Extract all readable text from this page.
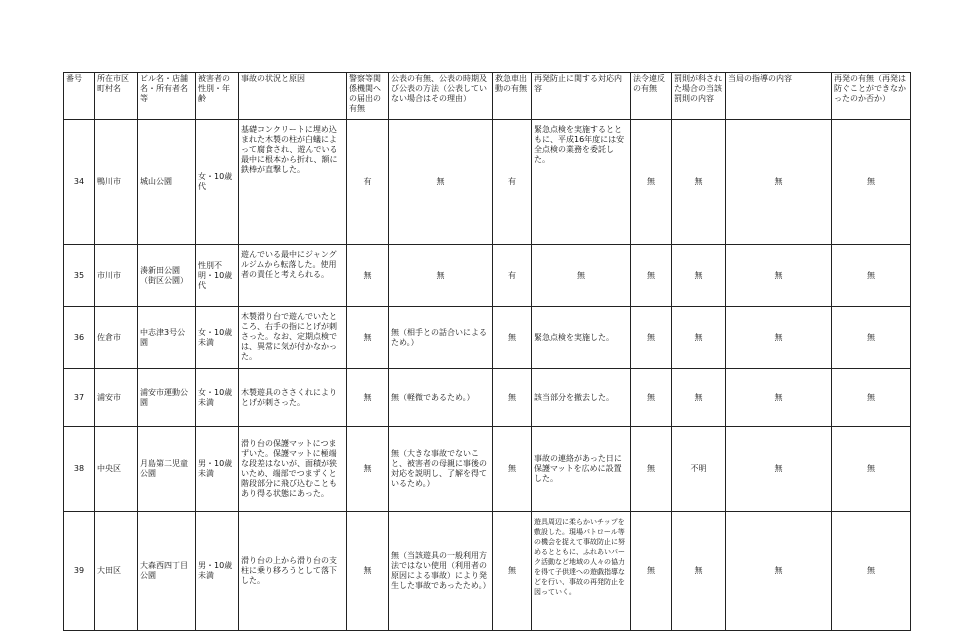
番号	所在市区町村名	ビル名・店舗名・所有者名等	被害者の性別・年齢	事故の状況と原因	警察等関係機関への届出の有無	公表の有無、公表の時期及び公表の方法（公表していない場合はその理由）	救急車出動の有無	再発防止に関する対応内容	法令違反の有無	罰則が科された場合の当該罰則の内容	当局の指導の内容	再発の有無（再発は防ぐことができなかったのか否か）
34	鴨川市	城山公園	女・10歳代	基礎コンクリートに埋め込まれた木製の柱が白蟻によって腐食され、遊んでいる最中に根本から折れ、額に鉄棒が直撃した。	有	無	有	緊急点検を実施するとともに、平成16年度には安全点検の業務を委託した。	無	無	無	無
35	市川市	湊新田公園（街区公園）	性別不明・10歳代	遊んでいる最中にジャングルジムから転落した。使用者の責任と考えられる。	無	無	有	無	無	無	無	無
36	佐倉市	中志津3号公園	女・10歳未満	木製滑り台で遊んでいたところ、右手の指にとげが刺さった。なお、定期点検では、異常に気が付かなかった。	無	無（相手との話合いによるため。）	無	緊急点検を実施した。	無	無	無	無
37	浦安市	浦安市運動公園	女・10歳未満	木製遊具のささくれによりとげが刺さった。	無	無（軽微であるため。）	無	該当部分を撤去した。	無	無	無	無
38	中央区	月島第二児童公園	男・10歳未満	滑り台の保護マットにつまずいた。保護マットに極端な段差はないが、面積が狭いため、端部でつまずくと階段部分に飛び込むこともあり得る状態にあった。	無	無（大きな事故でないこと、被害者の母親に事後の対応を説明し、了解を得ているため。）	無	事故の連絡があった日に保護マットを広めに設置した。	無	不明	無	無
39	大田区	大森西四丁目公園	男・10歳未満	滑り台の上から滑り台の支柱に乗り移ろうとして落下した。	無	無（当該遊具の一般利用方法ではない使用（利用者の原因による事故）により発生した事故であったため。）	無	遊具周辺に柔らかいチップを敷設した。現場パトロール等の機会を捉えて事故防止に努めるとともに、ふれあいパーク活動など地域の人々の協力を得て子供達への遊戯指導などを行い、事故の再発防止を図っていく。	無	無	無	無
